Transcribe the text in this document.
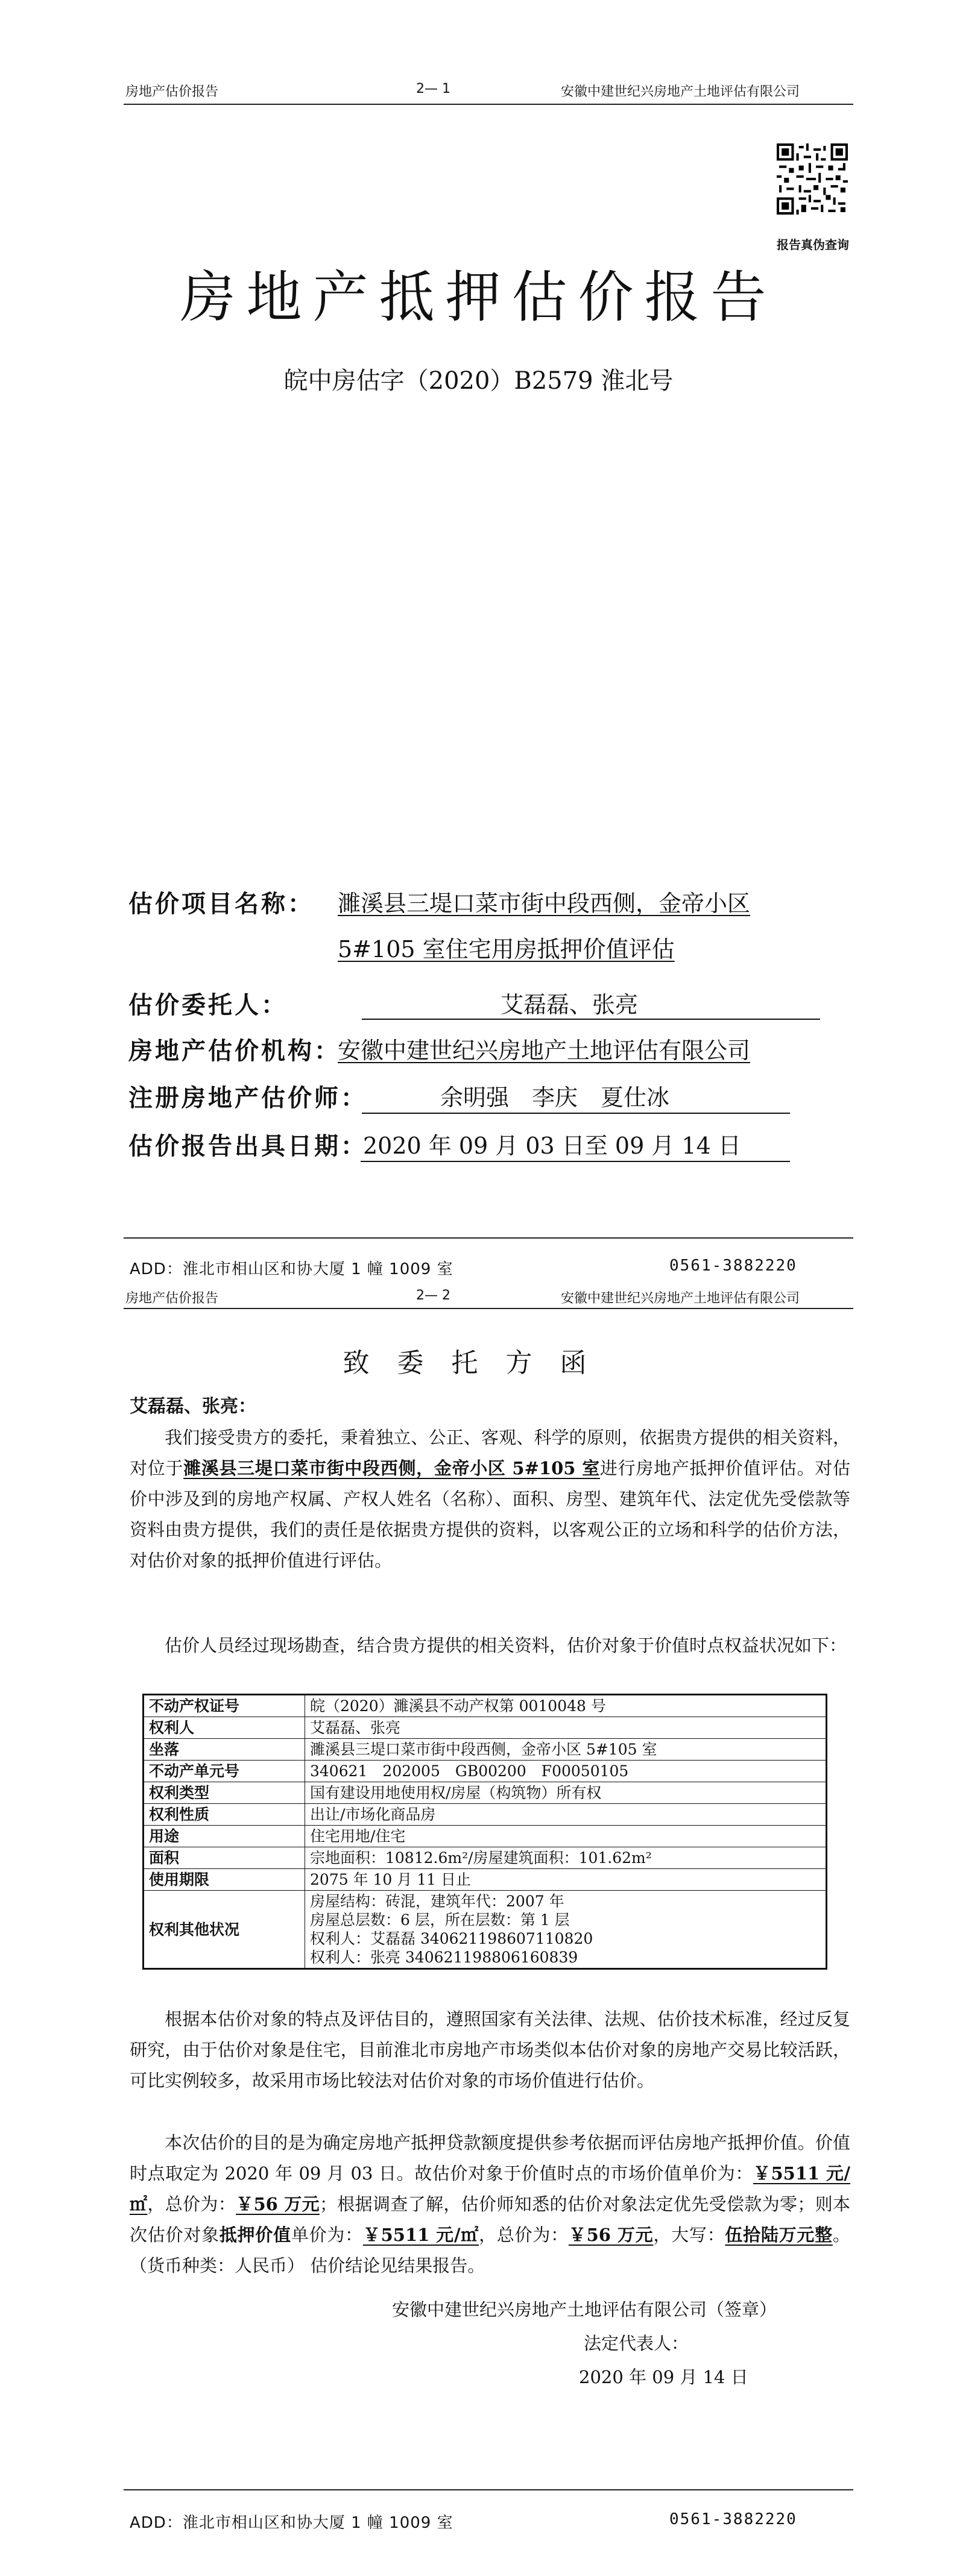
房地产估价报告	2— 1	安徽中建世纪兴房地产土地评估有限公司
报告真伪查询
房地产抵押估价报告
皖中房估字（2020）B2579 淮北号
估价项目名称： 濉溪县三堤口菜市街中段西侧，金帝小区
5#105 室住宅用房抵押价值评估
估价委托人：	艾磊磊、张亮
房地产估价机构：
安徽中建世纪兴房地产土地评估有限公司
注册房地产估价师：	余明强　李庆　夏仕冰
估价报告出具日期：
2020 年 09 月 03 日至 09 月 14 日
ADD：淮北市相山区和协大厦 1 幢 1009 室	0561-3882220
房地产估价报告	2— 2	安徽中建世纪兴房地产土地评估有限公司
致委托方函
艾磊磊、张亮：
我们接受贵方的委托，秉着独立、公正、客观、科学的原则，依据贵方提供的相关资料，对位于濉溪县三堤口菜市街中段西侧，金帝小区 5#105 室进行房地产抵押价值评估。对估价中涉及到的房地产权属、产权人姓名（名称）、面积、房型、建筑年代、法定优先受偿款等资料由贵方提供，我们的责任是依据贵方提供的资料，以客观公正的立场和科学的估价方法，对估价对象的抵押价值进行评估。
估价人员经过现场勘查，结合贵方提供的相关资料，估价对象于价值时点权益状况如下：
不动产权证号	皖（2020）濉溪县不动产权第 0010048 号

权利人	艾磊磊、张亮

坐落	濉溪县三堤口菜市街中段西侧，金帝小区 5#105 室

不动产单元号	340621　202005　GB00200　F00050105

权利类型	国有建设用地使用权/房屋（构筑物）所有权

权利性质	出让/市场化商品房

用途	住宅用地/住宅

面积	宗地面积：10812.6m²/房屋建筑面积：101.62m²

使用期限	2075 年 10 月 11 日止

权利其他状况	房屋结构：砖混，建筑年代：2007 年
房屋总层数：6 层，所在层数：第 1 层
权利人：艾磊磊 340621198607110820
权利人：张亮 340621198806160839
根据本估价对象的特点及评估目的，遵照国家有关法律、法规、估价技术标准，经过反复研究，由于估价对象是住宅，目前淮北市房地产市场类似本估价对象的房地产交易比较活跃，可比实例较多，故采用市场比较法对估价对象的市场价值进行估价。
本次估价的目的是为确定房地产抵押贷款额度提供参考依据而评估房地产抵押价值。价值时点取定为 2020 年 09 月 03 日。故估价对象于价值时点的市场价值单价为：￥5511 元/㎡，总价为：￥56 万元；根据调查了解，估价师知悉的估价对象法定优先受偿款为零；则本次估价对象抵押价值单价为：￥5511 元/㎡，总价为：￥56 万元，大写：伍拾陆万元整。（货币种类：人民币） 估价结论见结果报告。
安徽中建世纪兴房地产土地评估有限公司（签章）
法定代表人：
2020 年 09 月 14 日
ADD：淮北市相山区和协大厦 1 幢 1009 室	0561-3882220
